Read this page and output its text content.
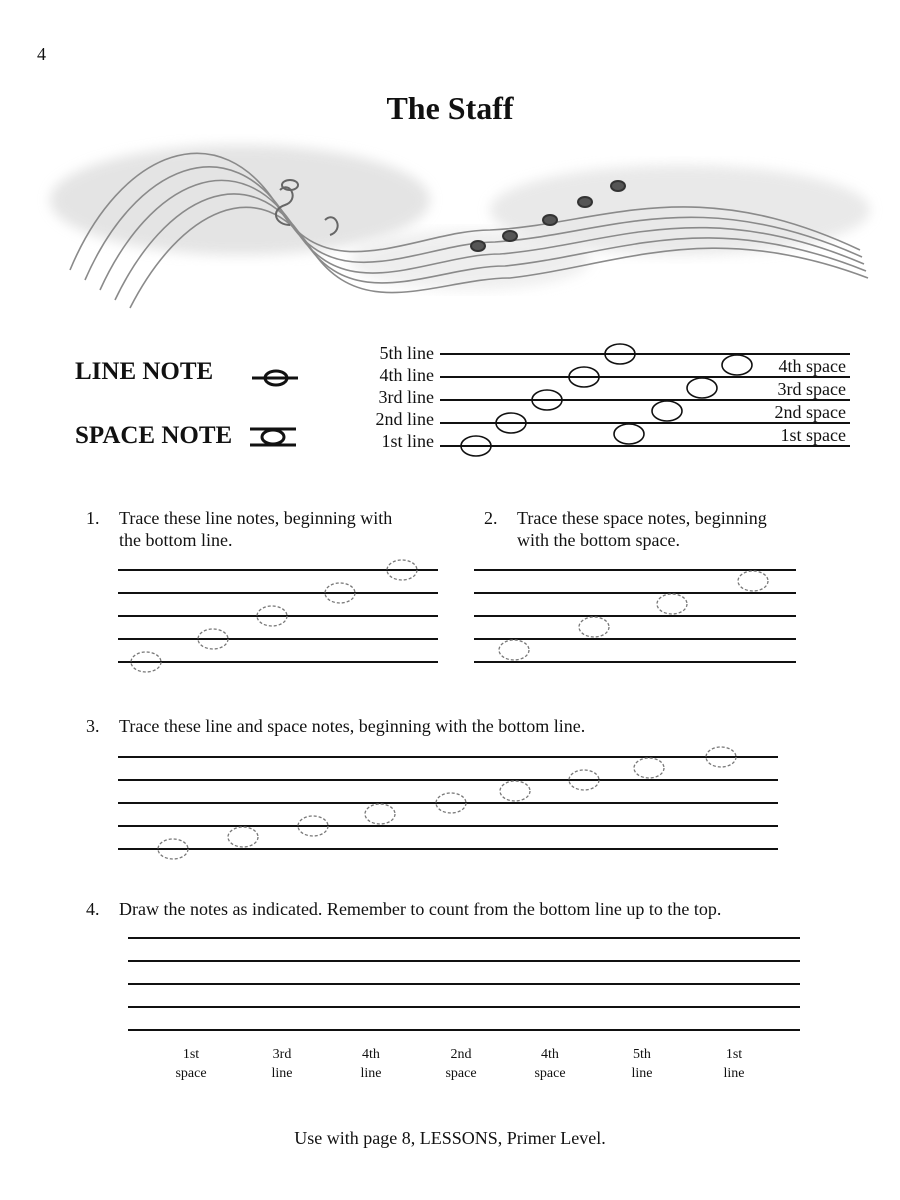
4
The Staff
LINE NOTE
SPACE NOTE
5th line
4th line
3rd line
2nd line
1st line
4th space
3rd space
2nd space
1st space
1. Trace these line notes, beginning with
the bottom line.
2. Trace these space notes, beginning
with the bottom space.
3. Trace these line and space notes, beginning with the bottom line.
4. Draw the notes as indicated. Remember to count from the bottom line up to the top.
1st
space
3rd
line
4th
line
2nd
space
4th
space
5th
line
1st
line
Use with page 8, LESSONS, Primer Level.
